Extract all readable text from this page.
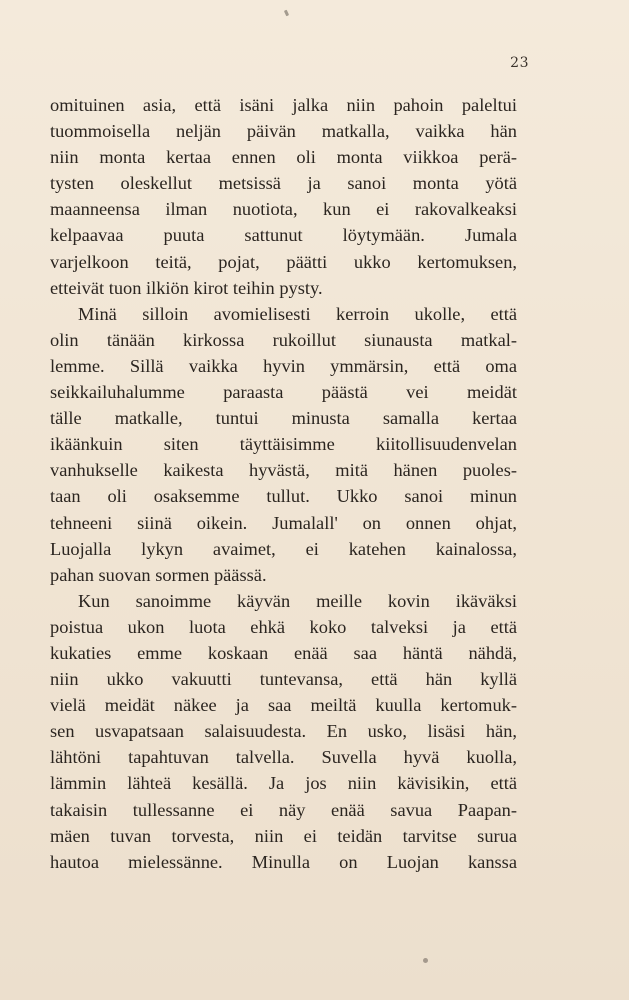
23
omituinen asia, että isäni jalka niin pahoin paleltui
tuommoisella neljän päivän matkalla, vaikka hän
niin monta kertaa ennen oli monta viikkoa perä-
tysten oleskellut metsissä ja sanoi monta yötä
maanneensa ilman nuotiota, kun ei rakovalkeaksi
kelpaavaa puuta sattunut löytymään. Jumala
varjelkoon teitä, pojat, päätti ukko kertomuksen,
etteivät tuon ilkiön kirot teihin pysty.
Minä silloin avomielisesti kerroin ukolle, että
olin tänään kirkossa rukoillut siunausta matkal-
lemme. Sillä vaikka hyvin ymmärsin, että oma
seikkailuhalumme paraasta päästä vei meidät
tälle matkalle, tuntui minusta samalla kertaa
ikäänkuin siten täyttäisimme kiitollisuudenvelan
vanhukselle kaikesta hyvästä, mitä hänen puoles-
taan oli osaksemme tullut. Ukko sanoi minun
tehneeni siinä oikein. Jumalall' on onnen ohjat,
Luojalla lykyn avaimet, ei katehen kainalossa,
pahan suovan sormen päässä.
Kun sanoimme käyvän meille kovin ikäväksi
poistua ukon luota ehkä koko talveksi ja että
kukaties emme koskaan enää saa häntä nähdä,
niin ukko vakuutti tuntevansa, että hän kyllä
vielä meidät näkee ja saa meiltä kuulla kertomuk-
sen usvapatsaan salaisuudesta. En usko, lisäsi hän,
lähtöni tapahtuvan talvella. Suvella hyvä kuolla,
lämmin lähteä kesällä. Ja jos niin kävisikin, että
takaisin tullessanne ei näy enää savua Paapan-
mäen tuvan torvesta, niin ei teidän tarvitse surua
hautoa mielessänne. Minulla on Luojan kanssa
